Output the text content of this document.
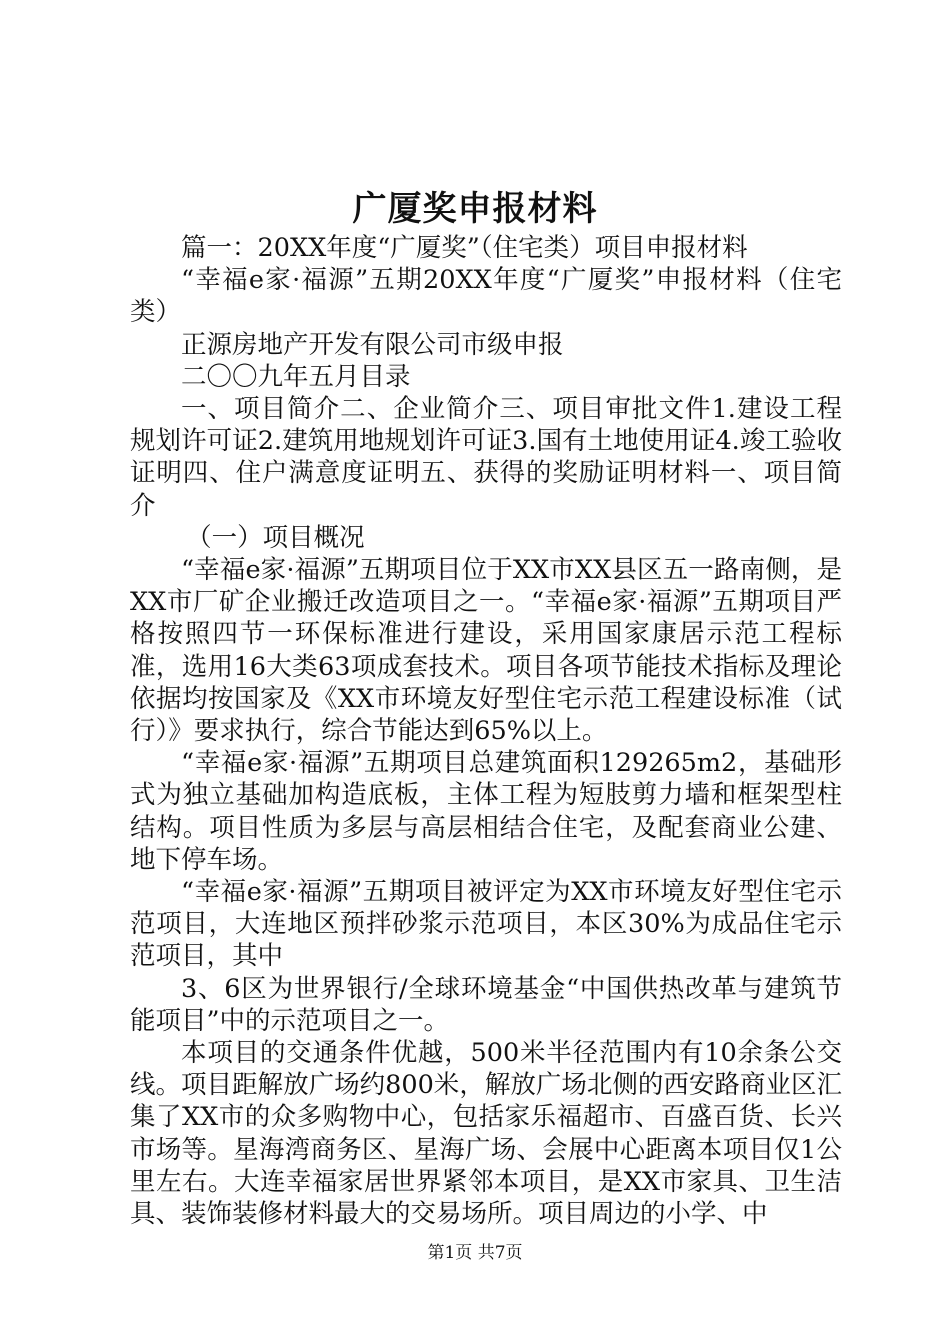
广厦奖申报材料

篇一：20XX年度“广厦奖”（住宅类）项目申报材料

“幸福e家·福源”五期20XX年度“广厦奖”申报材料（住宅类）

正源房地产开发有限公司市级申报

二〇〇九年五月目录

一、项目简介二、企业简介三、项目审批文件1.建设工程规划许可证2.建筑用地规划许可证3.国有土地使用证4.竣工验收证明四、住户满意度证明五、获得的奖励证明材料一、项目简介

（一）项目概况

“幸福e家·福源”五期项目位于XX市XX县区五一路南侧，是XX市厂矿企业搬迁改造项目之一。“幸福e家·福源”五期项目严格按照四节一环保标准进行建设，采用国家康居示范工程标准，选用16大类63项成套技术。项目各项节能技术指标及理论依据均按国家及《XX市环境友好型住宅示范工程建设标准（试行）》要求执行，综合节能达到65%以上。

“幸福e家·福源”五期项目总建筑面积129265m2，基础形式为独立基础加构造底板，主体工程为短肢剪力墙和框架型柱结构。项目性质为多层与高层相结合住宅，及配套商业公建、地下停车场。

“幸福e家·福源”五期项目被评定为XX市环境友好型住宅示范项目，大连地区预拌砂浆示范项目，本区30%为成品住宅示范项目，其中

3、6区为世界银行/全球环境基金“中国供热改革与建筑节能项目”中的示范项目之一。

本项目的交通条件优越，500米半径范围内有10余条公交线。项目距解放广场约800米，解放广场北侧的西安路商业区汇集了XX市的众多购物中心，包括家乐福超市、百盛百货、长兴市场等。星海湾商务区、星海广场、会展中心距离本项目仅1公里左右。大连幸福家居世界紧邻本项目，是XX市家具、卫生洁具、装饰装修材料最大的交易场所。项目周边的小学、中

第1页 共7页
